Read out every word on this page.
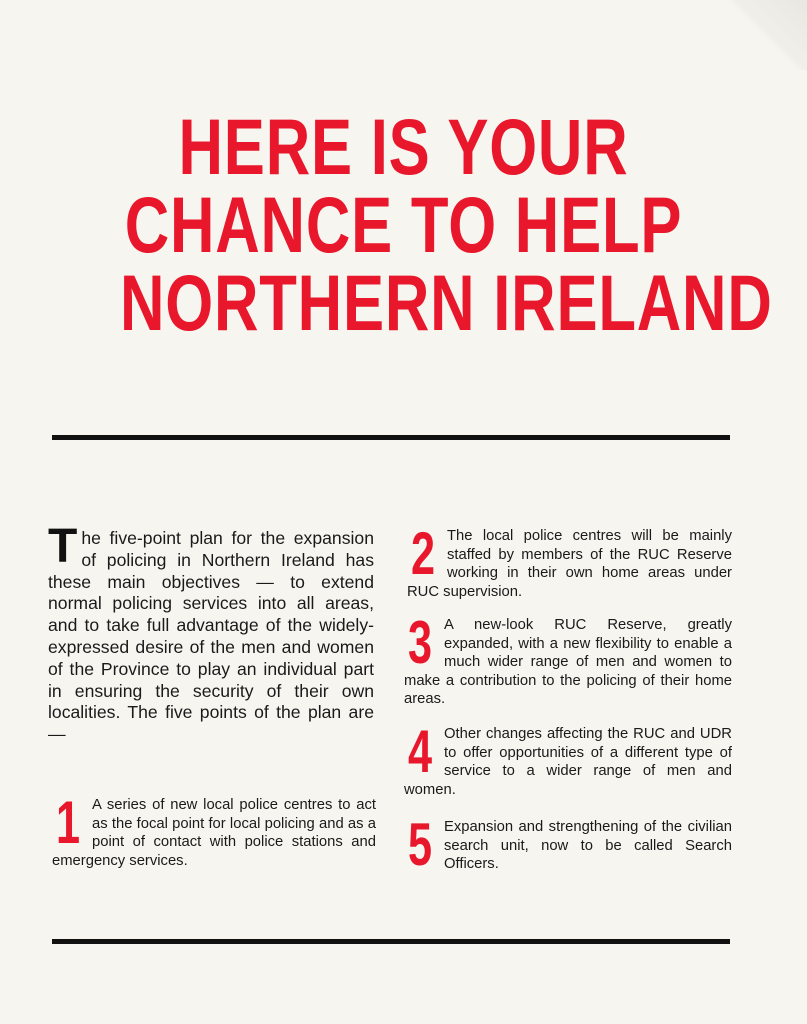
HERE IS YOUR
CHANCE TO HELP
NORTHERN IRELAND
T he five-point plan for the expansion of policing in Northern Ireland has these main objectives — to extend normal policing services into all areas, and to take full advantage of the widely-expressed desire of the men and women of the Province to play an individual part in ensuring the security of their own localities. The five points of the plan are—
1 A series of new local police centres to act as the focal point for local policing and as a point of contact with police stations and emergency services.
2 The local police centres will be mainly staffed by members of the RUC Reserve working in their own home areas under RUC supervision.
3 A new-look RUC Reserve, greatly expanded, with a new flexibility to enable a much wider range of men and women to make a contribution to the policing of their home areas.
4 Other changes affecting the RUC and UDR to offer opportunities of a different type of service to a wider range of men and women.
5 Expansion and strengthening of the civilian search unit, now to be called Search Officers.
